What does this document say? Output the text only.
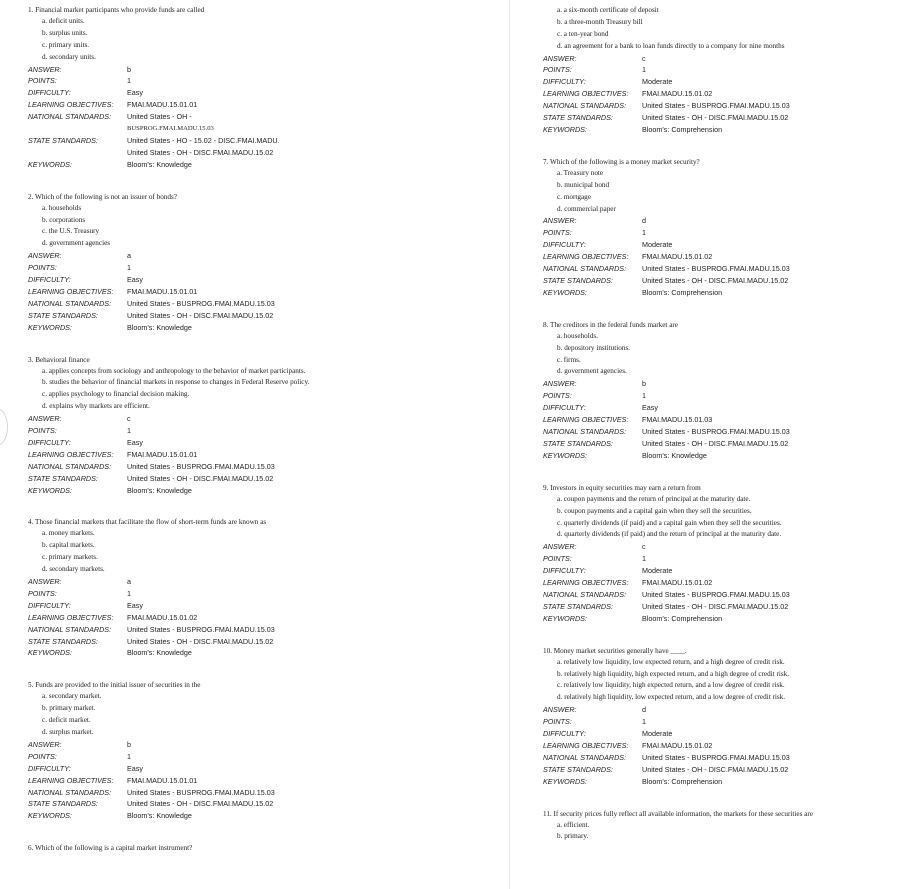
1. Financial market participants who provide funds are called
a. deficit units.
b. surplus units.
c. primary units.
d. secondary units.
ANSWER:	b
POINTS:	1
DIFFICULTY:	Easy
LEARNING OBJECTIVES:	FMAI.MADU.15.01.01
NATIONAL STANDARDS:	United States - OH -
BUSPROG.FMAI.MADU.15.03
STATE STANDARDS:	United States - HO - 15.02 - DISC.FMAI.MADU.
United States - OH - DISC.FMAI.MADU.15.02
KEYWORDS:	Bloom's: Knowledge
2. Which of the following is not an issuer of bonds?
a. households
b. corporations
c. the U.S. Treasury
d. government agencies
ANSWER:	a
POINTS:	1
DIFFICULTY:	Easy
LEARNING OBJECTIVES:	FMAI.MADU.15.01.01
NATIONAL STANDARDS:	United States - BUSPROG.FMAI.MADU.15.03
STATE STANDARDS:	United States - OH - DISC.FMAI.MADU.15.02
KEYWORDS:	Bloom's: Knowledge
3. Behavioral finance
a. applies concepts from sociology and anthropology to the behavior of market participants.
b. studies the behavior of financial markets in response to changes in Federal Reserve policy.
c. applies psychology to financial decision making.
d. explains why markets are efficient.
ANSWER:	c
POINTS:	1
DIFFICULTY:	Easy
LEARNING OBJECTIVES:	FMAI.MADU.15.01.01
NATIONAL STANDARDS:	United States - BUSPROG.FMAI.MADU.15.03
STATE STANDARDS:	United States - OH - DISC.FMAI.MADU.15.02
KEYWORDS:	Bloom's: Knowledge
4. Those financial markets that facilitate the flow of short-term funds are known as
a. money markets.
b. capital markets.
c. primary markets.
d. secondary markets.
ANSWER:	a
POINTS:	1
DIFFICULTY:	Easy
LEARNING OBJECTIVES:	FMAI.MADU.15.01.02
NATIONAL STANDARDS:	United States - BUSPROG.FMAI.MADU.15.03
STATE STANDARDS:	United States - OH - DISC.FMAI.MADU.15.02
KEYWORDS:	Bloom's: Knowledge
5. Funds are provided to the initial issuer of securities in the
a. secondary market.
b. primary market.
c. deficit market.
d. surplus market.
ANSWER:	b
POINTS:	1
DIFFICULTY:	Easy
LEARNING OBJECTIVES:	FMAI.MADU.15.01.01
NATIONAL STANDARDS:	United States - BUSPROG.FMAI.MADU.15.03
STATE STANDARDS:	United States - OH - DISC.FMAI.MADU.15.02
KEYWORDS:	Bloom's: Knowledge
6. Which of the following is a capital market instrument?
a. a six-month certificate of deposit
b. a three-month Treasury bill
c. a ten-year bond
d. an agreement for a bank to loan funds directly to a company for nine months
ANSWER:	c
POINTS:	1
DIFFICULTY:	Moderate
LEARNING OBJECTIVES:	FMAI.MADU.15.01.02
NATIONAL STANDARDS:	United States - BUSPROG.FMAI.MADU.15.03
STATE STANDARDS:	United States - OH - DISC.FMAI.MADU.15.02
KEYWORDS:	Bloom's: Comprehension
7. Which of the following is a money market security?
a. Treasury note
b. municipal bond
c. mortgage
d. commercial paper
ANSWER:	d
POINTS:	1
DIFFICULTY:	Moderate
LEARNING OBJECTIVES:	FMAI.MADU.15.01.02
NATIONAL STANDARDS:	United States - BUSPROG.FMAI.MADU.15.03
STATE STANDARDS:	United States - OH - DISC.FMAI.MADU.15.02
KEYWORDS:	Bloom's: Comprehension
8. The creditors in the federal funds market are
a. households.
b. depository institutions.
c. firms.
d. government agencies.
ANSWER:	b
POINTS:	1
DIFFICULTY:	Easy
LEARNING OBJECTIVES:	FMAI.MADU.15.01.03
NATIONAL STANDARDS:	United States - BUSPROG.FMAI.MADU.15.03
STATE STANDARDS:	United States - OH - DISC.FMAI.MADU.15.02
KEYWORDS:	Bloom's: Knowledge
9. Investors in equity securities may earn a return from
a. coupon payments and the return of principal at the maturity date.
b. coupon payments and a capital gain when they sell the securities.
c. quarterly dividends (if paid) and a capital gain when they sell the securities.
d. quarterly dividends (if paid) and the return of principal at the maturity date.
ANSWER:	c
POINTS:	1
DIFFICULTY:	Moderate
LEARNING OBJECTIVES:	FMAI.MADU.15.01.02
NATIONAL STANDARDS:	United States - BUSPROG.FMAI.MADU.15.03
STATE STANDARDS:	United States - OH - DISC.FMAI.MADU.15.02
KEYWORDS:	Bloom's: Comprehension
10. Money market securities generally have ____.
a. relatively low liquidity, low expected return, and a high degree of credit risk.
b. relatively high liquidity, high expected return, and a high degree of credit risk.
c. relatively low liquidity, high expected return, and a low degree of credit risk.
d. relatively high liquidity, low expected return, and a low degree of credit risk.
ANSWER:	d
POINTS:	1
DIFFICULTY:	Moderate
LEARNING OBJECTIVES:	FMAI.MADU.15.01.02
NATIONAL STANDARDS:	United States - BUSPROG.FMAI.MADU.15.03
STATE STANDARDS:	United States - OH - DISC.FMAI.MADU.15.02
KEYWORDS:	Bloom's: Comprehension
11. If security prices fully reflect all available information, the markets for these securities are
a. efficient.
b. primary.
